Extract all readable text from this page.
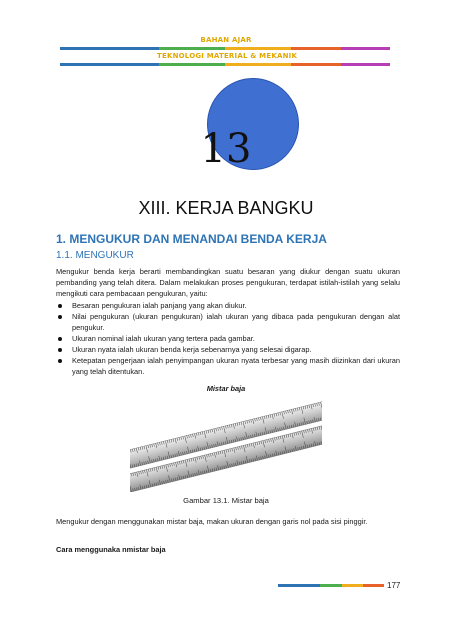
BAHAN AJAR
TEKNOLOGI MATERIAL & MEKANIK
13
XIII. KERJA BANGKU
1. MENGUKUR DAN MENANDAI BENDA KERJA
1.1. MENGUKUR
Mengukur benda kerja berarti membandingkan suatu besaran yang diukur dengan suatu ukuran pembanding yang telah ditera. Dalam melakukan proses pengukuran, terdapat istilah-istilah yang selalu mengikuti cara pembacaan pengukuran, yaitu:
Besaran pengukuran ialah panjang yang akan diukur.
Nilai pengukuran (ukuran pengukuran) ialah ukuran yang dibaca pada pengukuran dengan alat pengukur.
Ukuran nominal ialah ukuran yang tertera pada gambar.
Ukuran nyata ialah ukuran benda kerja sebenarnya yang selesai digarap.
Ketepatan pengerjaan ialah penyimpangan ukuran nyata terbesar yang masih diizinkan dari ukuran yang telah ditentukan.
Mistar baja
Gambar 13.1. Mistar baja
Mengukur dengan menggunakan mistar baja, makan ukuran dengan garis nol pada sisi pinggir.
Cara menggunaka nmistar baja
177
